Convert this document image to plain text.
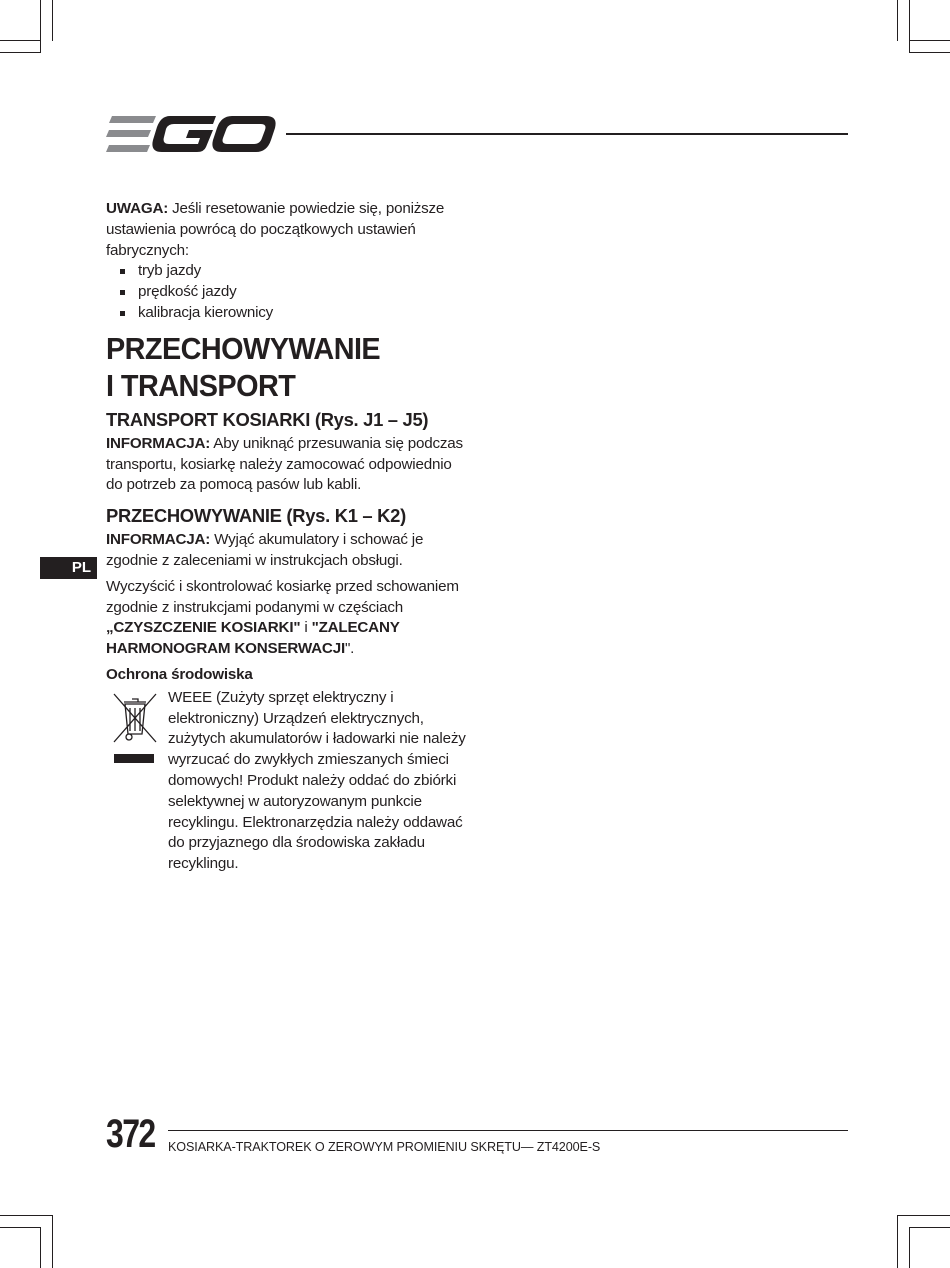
PL

UWAGA: Jeśli resetowanie powiedzie się, poniższe ustawienia powrócą do początkowych ustawień fabrycznych:

tryb jazdy
prędkość jazdy
kalibracja kierownicy
PRZECHOWYWANIE
I TRANSPORT
TRANSPORT KOSIARKI (Rys. J1 – J5)

INFORMACJA: Aby uniknąć przesuwania się podczas transportu, kosiarkę należy zamocować odpowiednio do potrzeb za pomocą pasów lub kabli.

PRZECHOWYWANIE (Rys. K1 – K2)

INFORMACJA: Wyjąć akumulatory i schować je zgodnie z zaleceniami w instrukcjach obsługi.

Wyczyścić i skontrolować kosiarkę przed schowaniem zgodnie z instrukcjami podanymi w częściach „CZYSZCZENIE KOSIARKI" i "ZALECANY HARMONOGRAM KONSERWACJI".

Ochrona środowiska

WEEE (Zużyty sprzęt elektryczny i elektroniczny) Urządzeń elektrycznych, zużytych akumulatorów i ładowarki nie należy wyrzucać do zwykłych zmieszanych śmieci domowych! Produkt należy oddać do zbiórki selektywnej w autoryzowanym punkcie recyklingu. Elektronarzędzia należy oddawać do przyjaznego dla środowiska zakładu recyklingu.

372 KOSIARKA-TRAKTOREK O ZEROWYM PROMIENIU SKRĘTU— ZT4200E-S
